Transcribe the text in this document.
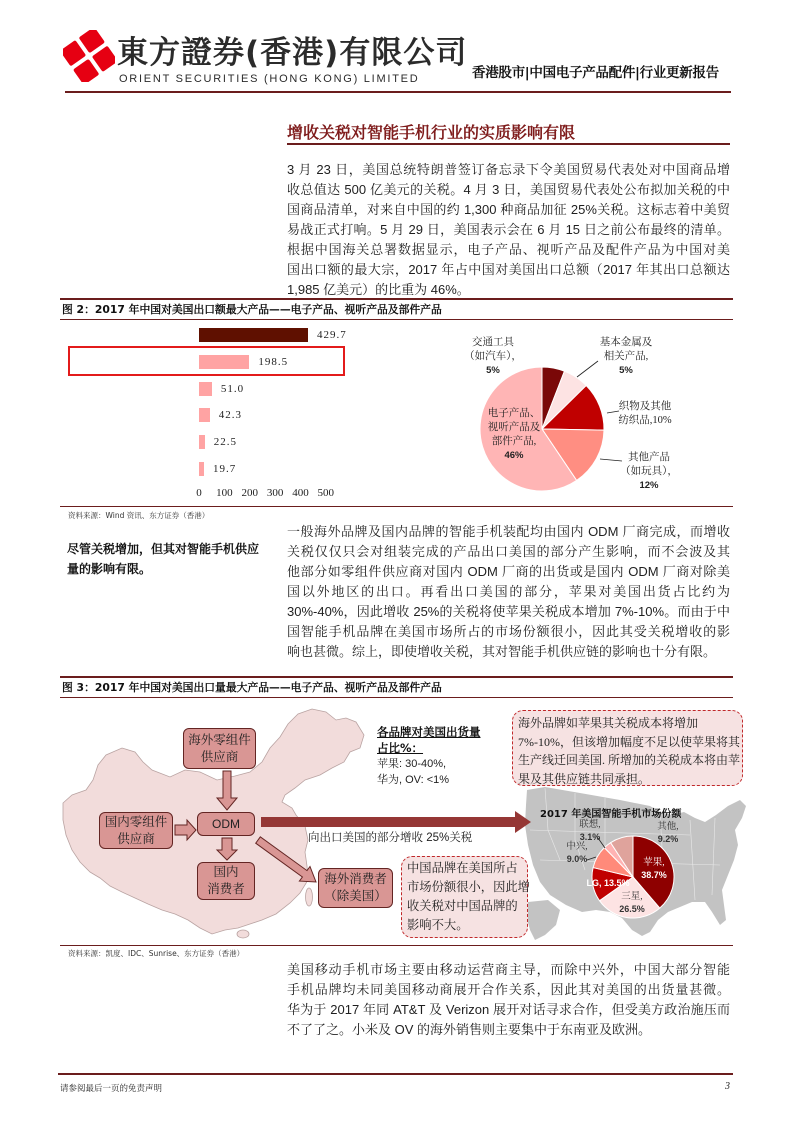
東方證券(香港)有限公司
ORIENT SECURITIES (HONG KONG) LIMITED	香港股市|中国电子产品配件|行业更新报告
增收关税对智能手机行业的实质影响有限
3 月 23 日，美国总统特朗普签订备忘录下令美国贸易代表处对中国商品增
收总值达 500 亿美元的关税。4 月 3 日，美国贸易代表处公布拟加关税的中
国商品清单，对来自中国的约 1,300 种商品加征 25%关税。这标志着中美贸
易战正式打响。5 月 29 日，美国表示会在 6 月 15 日之前公布最终的清单。
根据中国海关总署数据显示，电子产品、视听产品及配件产品为中国对美
国出口额的最大宗，2017 年占中国对美国出口总额（2017 年其出口总额达
1,985 亿美元）的比重为 46%。
图 2：2017 年中国对美国出口额最大产品——电子产品、视听产品及部件产品
429.7
198.5
51.0
42.3
22.5
19.7
0 100 200 300 400 500
交通工具
（如汽车），
5%
基本金属及
相关产品,
5%
织物及其他
纺织品,10%
其他产品
（如玩具），
12%
电子产品、
视听产品及
部件产品,
46%
资料来源：Wind 资讯、东方证券（香港）
尽管关税增加，但其对智能手机供应
量的影响有限。
一般海外品牌及国内品牌的智能手机装配均由国内 ODM 厂商完成，而增收
关税仅仅只会对组装完成的产品出口美国的部分产生影响，而不会波及其
他部分如零组件供应商对国内 ODM 厂商的出货或是国内 ODM 厂商对除美
国以外地区的出口。再看出口美国的部分，苹果对美国出货占比约为
30%-40%，因此增收 25%的关税将使苹果关税成本增加 7%-10%。而由于中
国智能手机品牌在美国市场所占的市场份额很小，因此其受关税增收的影
响也甚微。综上，即使增收关税，其对智能手机供应链的影响也十分有限。
图 3：2017 年中国对美国出口量最大产品——电子产品、视听产品及部件产品
海外零组件
供应商
国内零组件
供应商
ODM
国内
消费者
海外消费者
（除美国）
向出口美国的部分增收 25%关税
各品牌对美国出货量
占比%：
苹果: 30-40%,
华为, OV: <1%
海外品牌如苹果其关税成本将增加
7%-10%，但该增加幅度不足以使苹果将其
生产线迁回美国. 所增加的关税成本将由苹
果及其供应链共同承担。
中国品牌在美国所占
市场份额很小，因此增
收关税对中国品牌的
影响不大。
2017 年美国智能手机市场份额
联想,
3.1%
中兴,
9.0%
其他,
9.2%
苹果,
38.7%
LG, 13.5%
三星,
26.5%
资料来源：凯度、IDC、Sunrise、东方证券（香港）
美国移动手机市场主要由移动运营商主导，而除中兴外，中国大部分智能
手机品牌均未同美国移动商展开合作关系，因此其对美国的出货量甚微。
华为于 2017 年同 AT&T 及 Verizon 展开对话寻求合作，但受美方政治施压而
不了了之。小米及 OV 的海外销售则主要集中于东南亚及欧洲。
请参阅最后一页的免责声明	3
